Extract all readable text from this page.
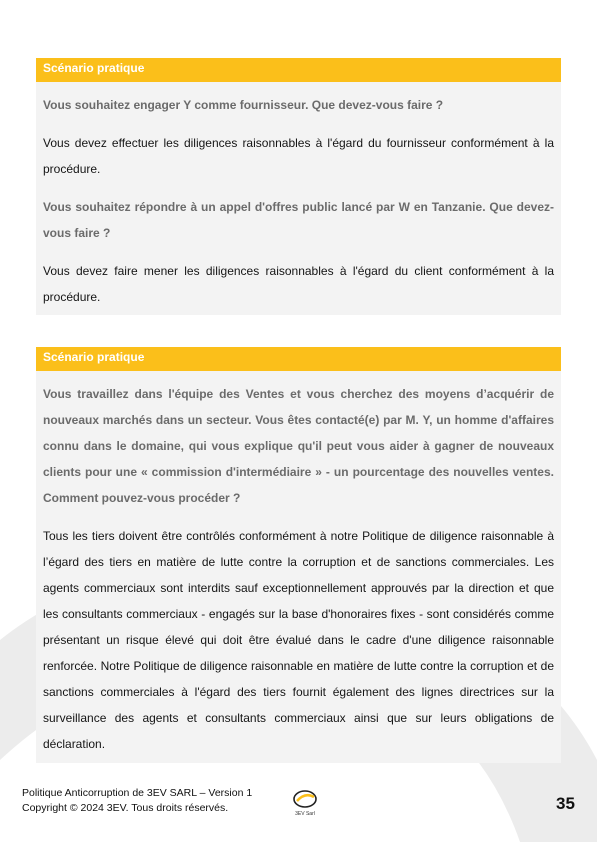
Scénario pratique

Vous souhaitez engager Y comme fournisseur. Que devez-vous faire ?

Vous devez effectuer les diligences raisonnables à l'égard du fournisseur conformément à la procédure.

Vous souhaitez répondre à un appel d'offres public lancé par W en Tanzanie. Que devez-vous faire ?

Vous devez faire mener les diligences raisonnables à l'égard du client conformément à la procédure.

Scénario pratique

Vous travaillez dans l'équipe des Ventes et vous cherchez des moyens d’acquérir de nouveaux marchés dans un secteur. Vous êtes contacté(e) par M. Y, un homme d'affaires connu dans le domaine, qui vous explique qu'il peut vous aider à gagner de nouveaux clients pour une « commission d'intermédiaire » - un pourcentage des nouvelles ventes. Comment pouvez-vous procéder ?

Tous les tiers doivent être contrôlés conformément à notre Politique de diligence raisonnable à l’égard des tiers en matière de lutte contre la corruption et de sanctions commerciales. Les agents commerciaux sont interdits sauf exceptionnellement approuvés par la direction et que les consultants commerciaux - engagés sur la base d'honoraires fixes - sont considérés comme présentant un risque élevé qui doit être évalué dans le cadre d'une diligence raisonnable renforcée. Notre Politique de diligence raisonnable en matière de lutte contre la corruption et de sanctions commerciales à l'égard des tiers fournit également des lignes directrices sur la surveillance des agents et consultants commerciaux ainsi que sur leurs obligations de déclaration.

Politique Anticorruption de 3EV SARL – Version 1
Copyright © 2024 3EV. Tous droits réservés.	3EV Sarl
35
